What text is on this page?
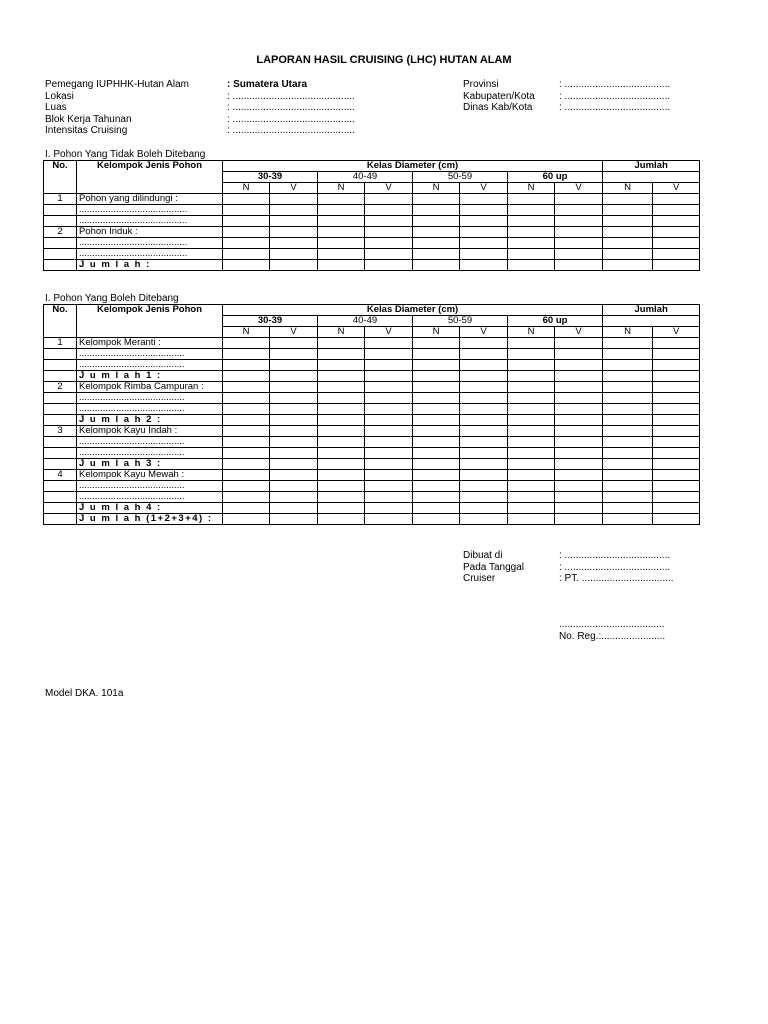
LAPORAN HASIL CRUISING (LHC) HUTAN ALAM
Pemegang IUPHHK-Hutan Alam	: Sumatera Utara
Lokasi	: ............................................
Luas	: ............................................
Blok Kerja Tahunan	: ............................................
Intensitas Cruising	: ............................................
Provinsi	: ......................................
Kabupaten/Kota : ......................................
Dinas Kab/Kota	: ......................................
I. Pohon Yang Tidak Boleh Ditebang
No.	Kelompok Jenis Pohon	Kelas Diameter (cm)								Jumlah	
		30-39		40-49		50-59		60 up			
		N	V	N	V	N	V	N	V	N	V
1	Pohon yang dilindungi :										
	.........................................										
	.........................................										
2	Pohon Induk :										
	.........................................										
	.........................................										
	J u m l a h :										
I. Pohon Yang Boleh Ditebang
No.	Kelompok Jenis Pohon	Kelas Diameter (cm)								Jumlah	
		30-39		40-49		50-59		60 up			
		N	V	N	V	N	V	N	V	N	V
1	Kelompok Meranti :										
	........................................										
	........................................										
	J u m l a h 1 :										
2	Kelompok Rimba Campuran :										
	........................................										
	........................................										
	J u m l a h 2 :										
3	Kelompok Kayu Indah :										
	........................................										
	........................................										
	J u m l a h 3 :										
4	Kelompok Kayu Mewah :										
	........................................										
	........................................										
	J u m l a h 4 :										
	J u m l a h (1+2+3+4) :										
Dibuat di	: ......................................
Pada Tanggal	: ......................................
Cruiser	: PT. .................................
......................................
No. Reg.:.......................
Model DKA. 101a
